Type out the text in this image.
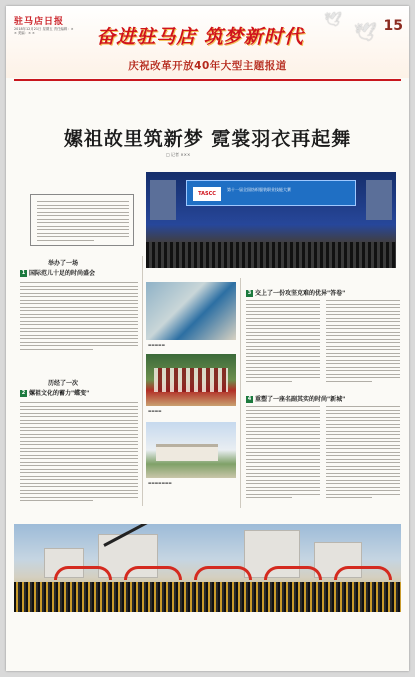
驻马店日报
2018年12月21日 星期五 责任编辑：× × 美编：× ×	奋进驻马店 筑梦新时代
🕊
🕊 15
庆祝改革开放40年大型主题报道
嫘祖故里筑新梦 霓裳羽衣再起舞
□ 记者 ×××
TASCC
第十一届全国纺织服装职业技能大赛
举办了一场
1 国际范儿十足的时尚盛会
历经了一次
2 嫘祖文化的蓄力"蝶变"
▬▬▬▬▬
▬▬▬▬
▬▬▬▬▬▬▬
3 交上了一份攻坚克难的优异"答卷"
4 重塑了一座名副其实的时尚"新城"
